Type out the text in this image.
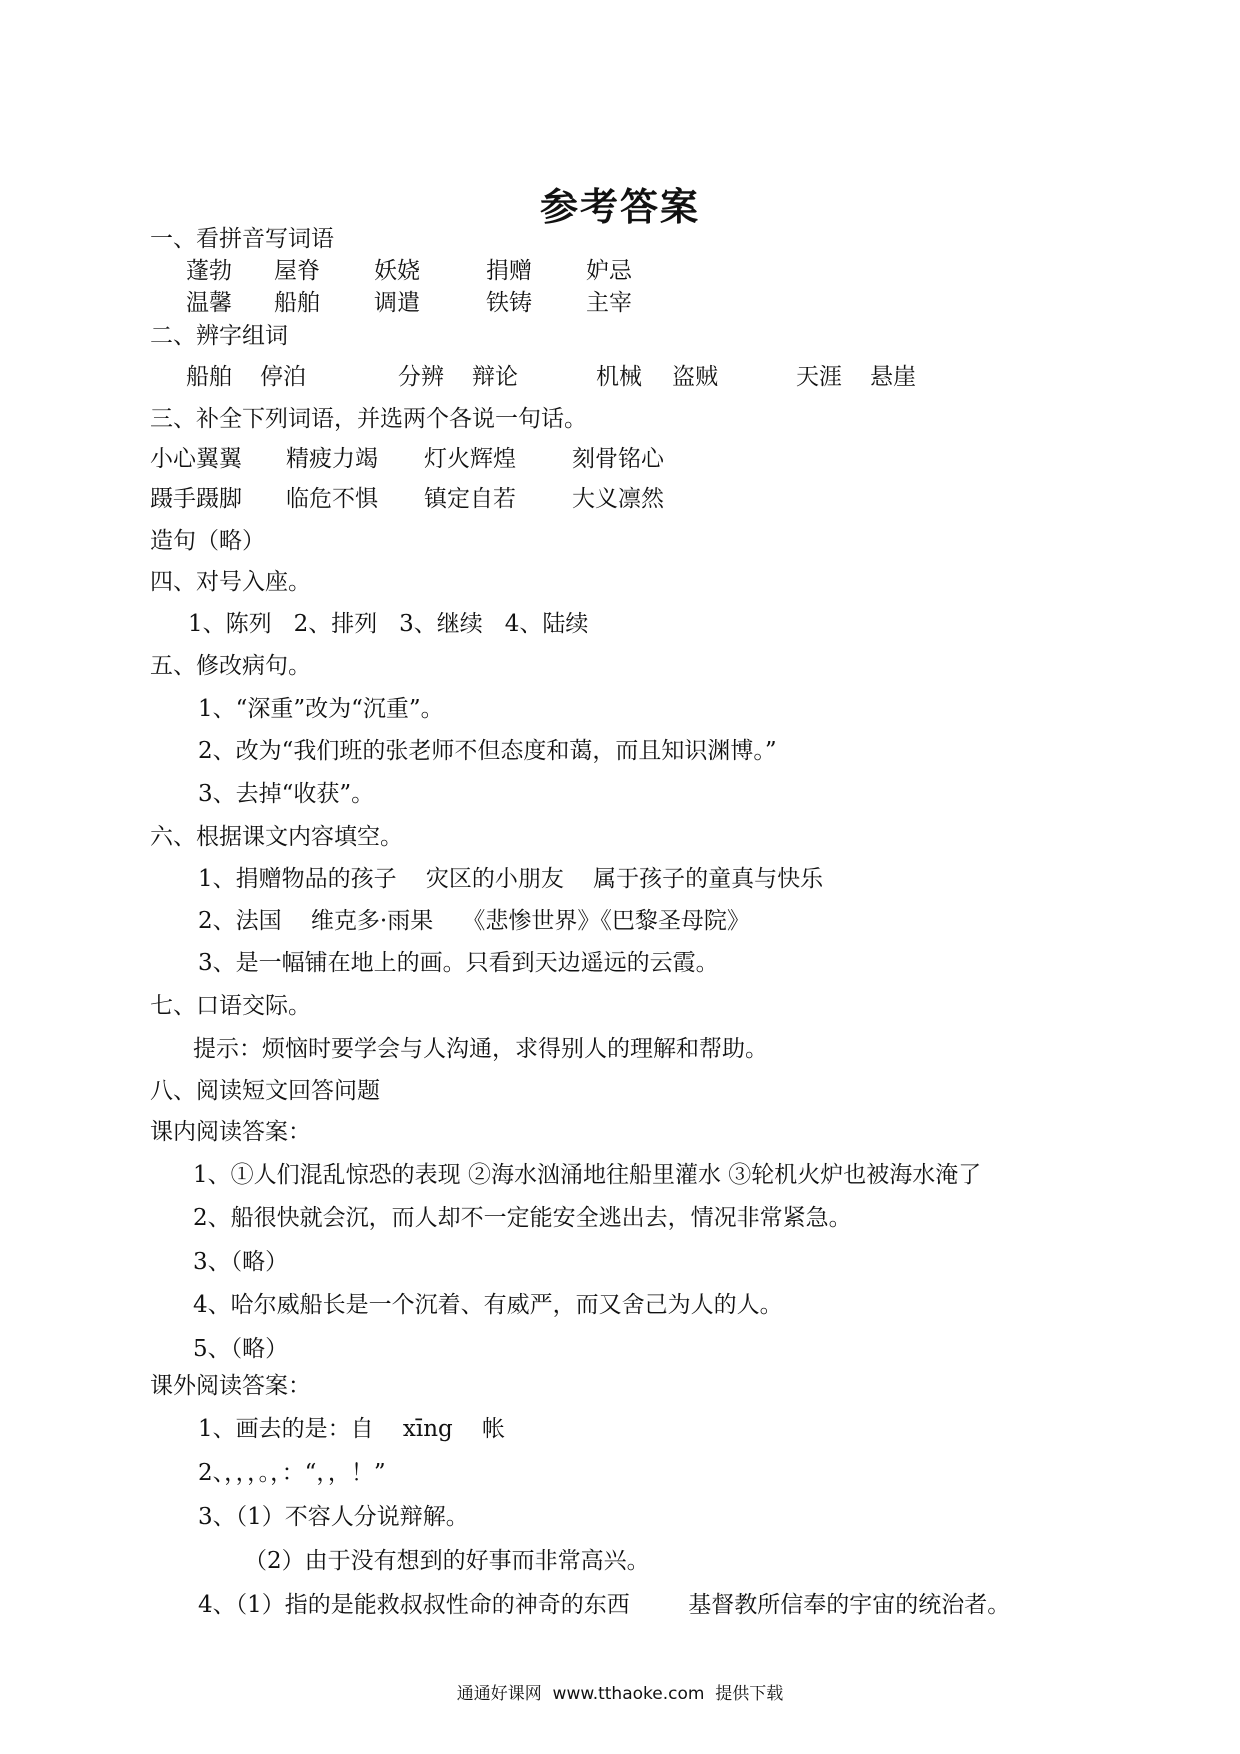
参考答案
一、看拼音写词语
蓬勃 屋脊 妖娆	捐赠 妒忌
温馨 船舶 调遣	铁铸 主宰
二、辨字组词
船舶 停泊	分辨 辩论	机械 盗贼	天涯 悬崖
三、补全下列词语，并选两个各说一句话。
小心翼翼 精疲力竭 灯火辉煌 刻骨铭心
蹑手蹑脚 临危不惧 镇定自若 大义凛然
造句（略）
四、对号入座。
1、陈列   2、排列   3、继续   4、陆续
五、修改病句。
1、“深重”改为“沉重”。
2、改为“我们班的张老师不但态度和蔼，而且知识渊博。”
3、去掉“收获”。
六、根据课文内容填空。
1、捐赠物品的孩子    灾区的小朋友    属于孩子的童真与快乐
2、法国    维克多·雨果    《悲惨世界》《巴黎圣母院》
3、是一幅铺在地上的画。只看到天边遥远的云霞。
七、口语交际。
提示：烦恼时要学会与人沟通，求得别人的理解和帮助。
八、阅读短文回答问题
课内阅读答案：
1、①人们混乱惊恐的表现 ②海水汹涌地往船里灌水 ③轮机火炉也被海水淹了
2、船很快就会沉，而人却不一定能安全逃出去，情况非常紧急。
3、（略）
4、哈尔威船长是一个沉着、有威严，而又舍己为人的人。
5、（略）
课外阅读答案：
1、画去的是：自    xīng    帐
2、，，，。，：“，，！”
3、（1）不容人分说辩解。
（2）由于没有想到的好事而非常高兴。
4、（1）指的是能救叔叔性命的神奇的东西        基督教所信奉的宇宙的统治者。
通通好课网  www.tthaoke.com  提供下载
